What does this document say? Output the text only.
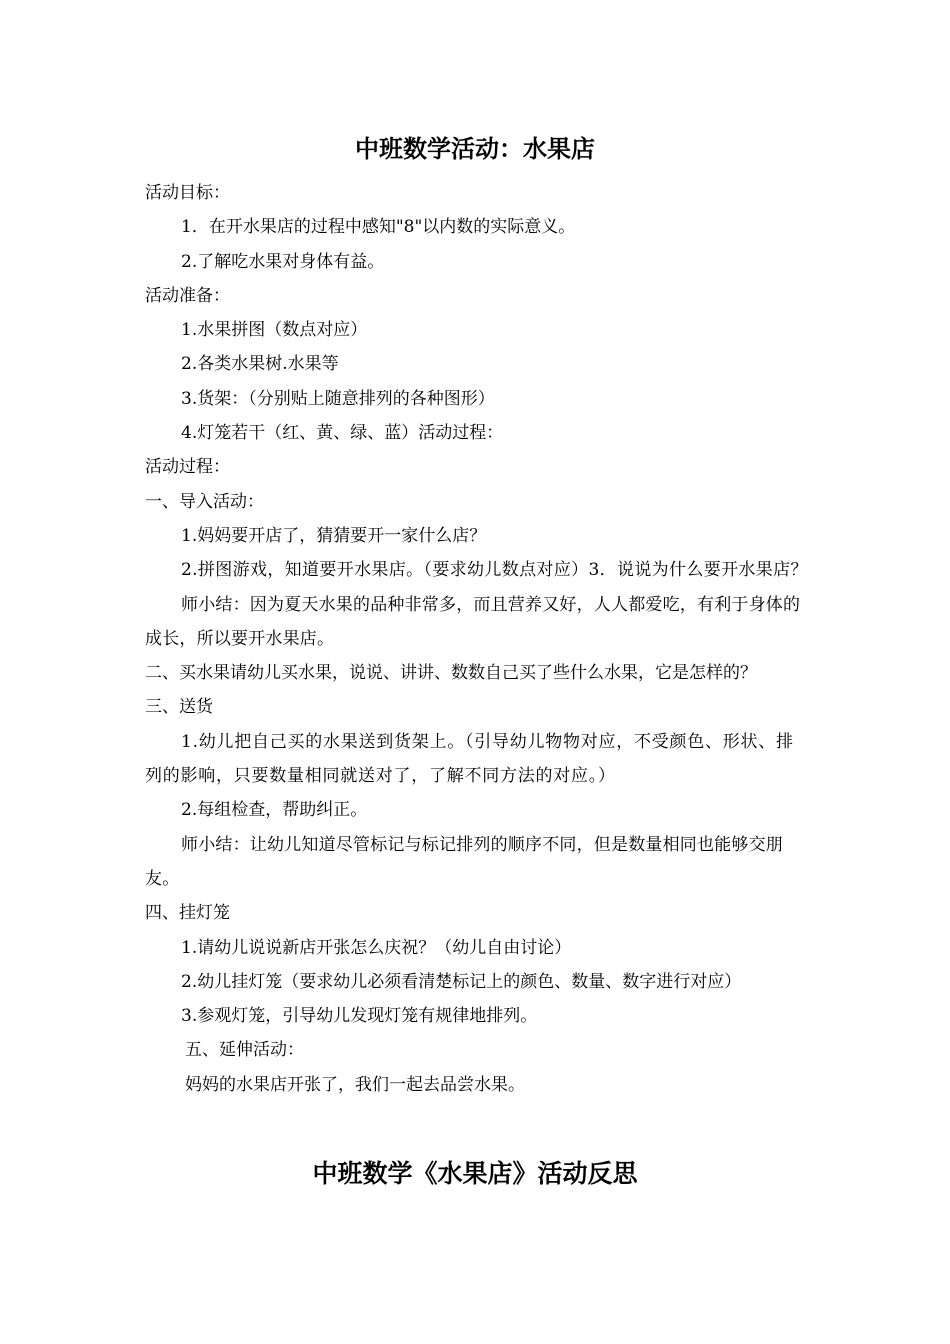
中班数学活动：水果店
活动目标：
1．在开水果店的过程中感知"8"以内数的实际意义。
2.了解吃水果对身体有益。
活动准备：
1.水果拼图（数点对应）
2.各类水果树.水果等
3.货架：（分别贴上随意排列的各种图形）
4.灯笼若干（红、黄、绿、蓝）活动过程：
活动过程：
一、导入活动：
1.妈妈要开店了，猜猜要开一家什么店？
2.拼图游戏，知道要开水果店。（要求幼儿数点对应）3．说说为什么要开水果店？
师小结：因为夏天水果的品种非常多，而且营养又好，人人都爱吃，有利于身体的成长，所以要开水果店。
二、买水果请幼儿买水果，说说、讲讲、数数自己买了些什么水果，它是怎样的？
三、送货
1.幼儿把自己买的水果送到货架上。（引导幼儿物物对应，不受颜色、形状、排列的影响，只要数量相同就送对了，了解不同方法的对应。）
2.每组检查，帮助纠正。
师小结：让幼儿知道尽管标记与标记排列的顺序不同，但是数量相同也能够交朋友。
四、挂灯笼
1.请幼儿说说新店开张怎么庆祝？（幼儿自由讨论）
2.幼儿挂灯笼（要求幼儿必须看清楚标记上的颜色、数量、数字进行对应）
3.参观灯笼，引导幼儿发现灯笼有规律地排列。
五、延伸活动：
妈妈的水果店开张了，我们一起去品尝水果。
中班数学《水果店》活动反思
